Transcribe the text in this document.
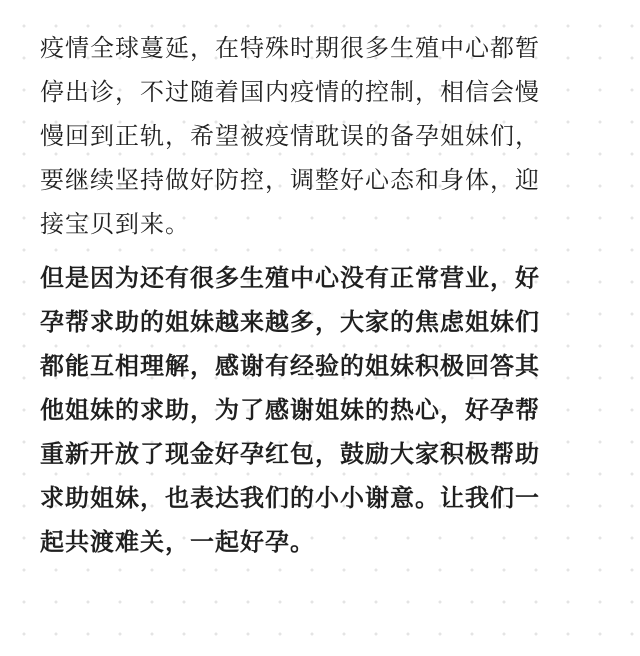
疫情全球蔓延，在特殊时期很多生殖中心都暂
停出诊，不过随着国内疫情的控制，相信会慢
慢回到正轨，希望被疫情耽误的备孕姐妹们，
要继续坚持做好防控，调整好心态和身体，迎
接宝贝到来。

但是因为还有很多生殖中心没有正常营业，好
孕帮求助的姐妹越来越多，大家的焦虑姐妹们
都能互相理解，感谢有经验的姐妹积极回答其
他姐妹的求助，为了感谢姐妹的热心，好孕帮
重新开放了现金好孕红包，鼓励大家积极帮助
求助姐妹，也表达我们的小小谢意。让我们一
起共渡难关，一起好孕。
